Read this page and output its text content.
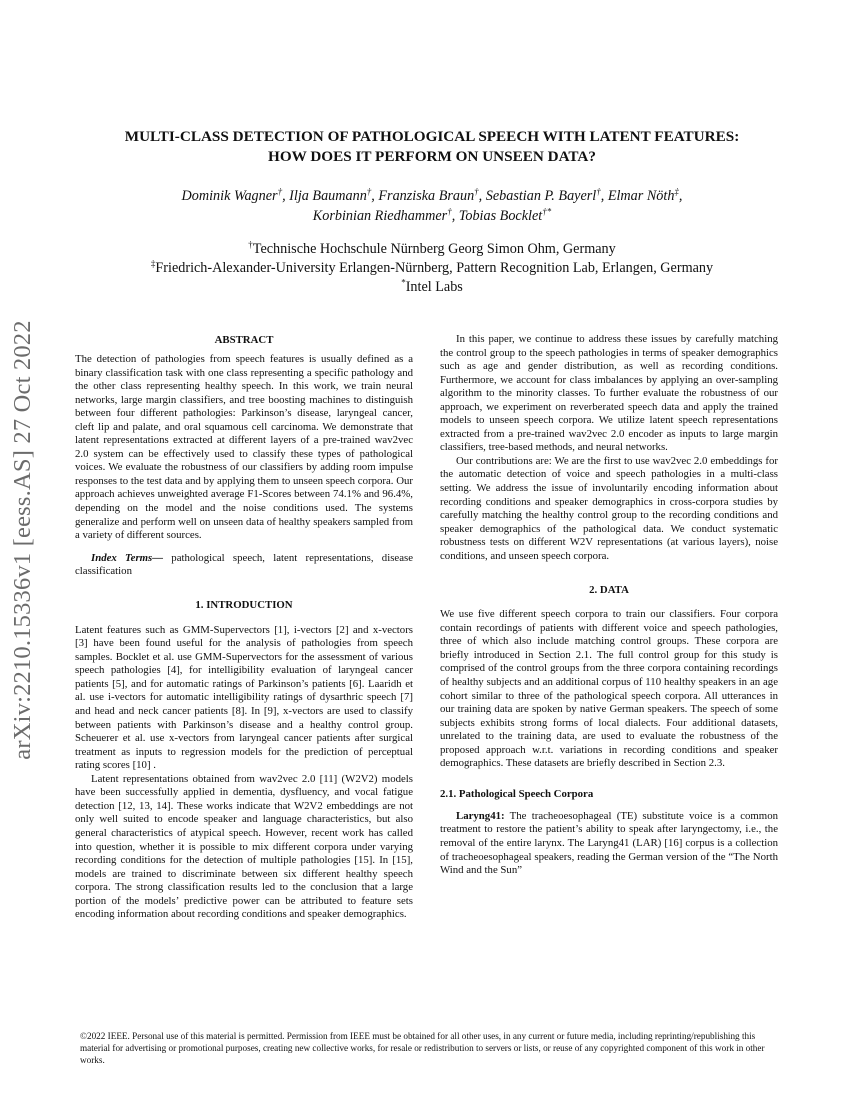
arXiv:2210.15336v1 [eess.AS] 27 Oct 2022
MULTI-CLASS DETECTION OF PATHOLOGICAL SPEECH WITH LATENT FEATURES:
HOW DOES IT PERFORM ON UNSEEN DATA?
Dominik Wagner†, Ilja Baumann†, Franziska Braun†, Sebastian P. Bayerl†, Elmar Nöth‡,
Korbinian Riedhammer†, Tobias Bocklet†*
†Technische Hochschule Nürnberg Georg Simon Ohm, Germany
‡Friedrich-Alexander-University Erlangen-Nürnberg, Pattern Recognition Lab, Erlangen, Germany
*Intel Labs
ABSTRACT

The detection of pathologies from speech features is usually defined as a binary classification task with one class representing a specific pathology and the other class representing healthy speech. In this work, we train neural networks, large margin classifiers, and tree boosting machines to distinguish between four different pathologies: Parkinson’s disease, laryngeal cancer, cleft lip and palate, and oral squamous cell carcinoma. We demonstrate that latent representations extracted at different layers of a pre-trained wav2vec 2.0 system can be effectively used to classify these types of pathological voices. We evaluate the robustness of our classifiers by adding room impulse responses to the test data and by applying them to unseen speech corpora. Our approach achieves unweighted average F1-Scores between 74.1% and 96.4%, depending on the model and the noise conditions used. The systems generalize and perform well on unseen data of healthy speakers sampled from a variety of different sources.

Index Terms— pathological speech, latent representations, disease classification

1. INTRODUCTION

Latent features such as GMM-Supervectors [1], i-vectors [2] and x-vectors [3] have been found useful for the analysis of pathologies from speech samples. Bocklet et al. use GMM-Supervectors for the assessment of various speech pathologies [4], for intelligibility evaluation of laryngeal cancer patients [5], and for automatic ratings of Parkinson’s patients [6]. Laaridh et al. use i-vectors for automatic intelligibility ratings of dysarthric speech [7] and head and neck cancer patients [8]. In [9], x-vectors are used to classify between patients with Parkinson’s disease and a healthy control group. Scheuerer et al. use x-vectors from laryngeal cancer patients after surgical treatment as inputs to regression models for the prediction of perceptual rating scores [10] .

Latent representations obtained from wav2vec 2.0 [11] (W2V2) models have been successfully applied in dementia, dysfluency, and vocal fatigue detection [12, 13, 14]. These works indicate that W2V2 embeddings are not only well suited to encode speaker and language characteristics, but also general characteristics of atypical speech. However, recent work has called into question, whether it is possible to mix different corpora under varying recording conditions for the detection of multiple pathologies [15]. In [15], models are trained to discriminate between six different healthy speech corpora. The strong classification results led to the conclusion that a large portion of the models’ predictive power can be attributed to feature sets encoding information about recording conditions and speaker demographics.

In this paper, we continue to address these issues by carefully matching the control group to the speech pathologies in terms of speaker demographics such as age and gender distribution, as well as recording conditions. Furthermore, we account for class imbalances by applying an over-sampling algorithm to the minority classes. To further evaluate the robustness of our approach, we experiment on reverberated speech data and apply the trained models to unseen speech corpora. We utilize latent speech representations extracted from a pre-trained wav2vec 2.0 encoder as inputs to large margin classifiers, tree-based methods, and neural networks.

Our contributions are: We are the first to use wav2vec 2.0 embeddings for the automatic detection of voice and speech pathologies in a multi-class setting. We address the issue of involuntarily encoding information about recording conditions and speaker demographics in cross-corpora studies by carefully matching the healthy control group to the recording conditions and speaker demographics of the pathological data. We conduct systematic robustness tests on different W2V representations (at various layers), noise conditions, and unseen speech corpora.

2. DATA

We use five different speech corpora to train our classifiers. Four corpora contain recordings of patients with different voice and speech pathologies, three of which also include matching control groups. These corpora are briefly introduced in Section 2.1. The full control group for this study is comprised of the control groups from the three corpora containing recordings of healthy subjects and an additional corpus of 110 healthy speakers in an age cohort similar to three of the pathological speech corpora. All utterances in our training data are spoken by native German speakers. The speech of some subjects exhibits strong forms of local dialects. Four additional datasets, unrelated to the training data, are used to evaluate the robustness of the proposed approach w.r.t. variations in recording conditions and speaker demographics. These datasets are briefly described in Section 2.3.

2.1. Pathological Speech Corpora

Laryng41: The tracheoesophageal (TE) substitute voice is a common treatment to restore the patient’s ability to speak after laryngectomy, i.e., the removal of the entire larynx. The Laryng41 (LAR) [16] corpus is a collection of tracheoesophageal speakers, reading the German version of the “The North Wind and the Sun”

©2022 IEEE. Personal use of this material is permitted. Permission from IEEE must be obtained for all other uses, in any current or future media, including reprinting/republishing this material for advertising or promotional purposes, creating new collective works, for resale or redistribution to servers or lists, or reuse of any copyrighted component of this work in other works.
